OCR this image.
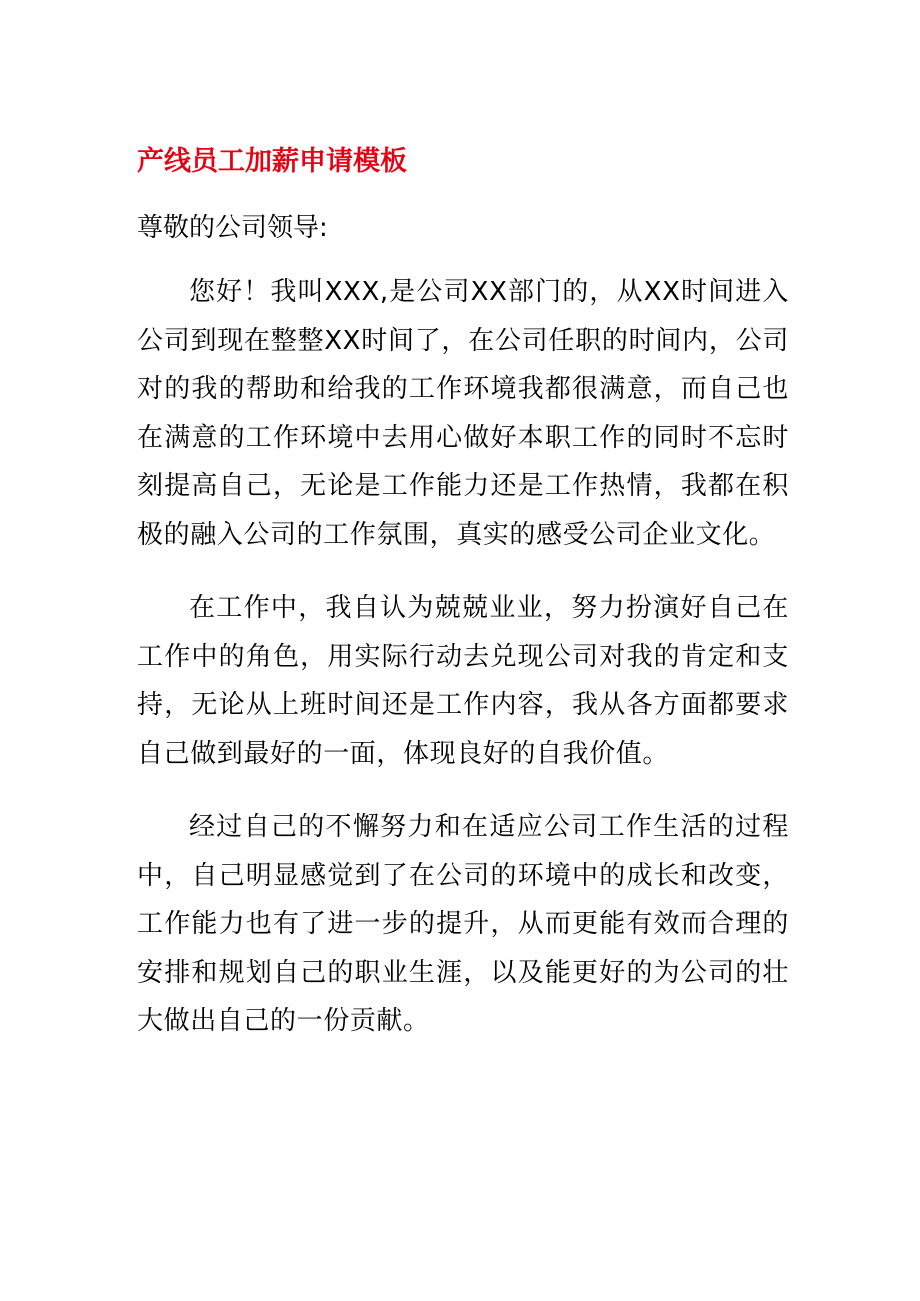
产线员工加薪申请模板

尊敬的公司领导:

您好！我叫XXX,是公司XX部门的，从XX时间进入公司到现在整整XX时间了，在公司任职的时间内，公司对的我的帮助和给我的工作环境我都很满意，而自己也在满意的工作环境中去用心做好本职工作的同时不忘时刻提高自己，无论是工作能力还是工作热情，我都在积极的融入公司的工作氛围，真实的感受公司企业文化。

在工作中，我自认为兢兢业业，努力扮演好自己在工作中的角色，用实际行动去兑现公司对我的肯定和支持，无论从上班时间还是工作内容，我从各方面都要求自己做到最好的一面，体现良好的自我价值。

经过自己的不懈努力和在适应公司工作生活的过程中，自己明显感觉到了在公司的环境中的成长和改变，工作能力也有了进一步的提升，从而更能有效而合理的安排和规划自己的职业生涯，以及能更好的为公司的壮大做出自己的一份贡献。
